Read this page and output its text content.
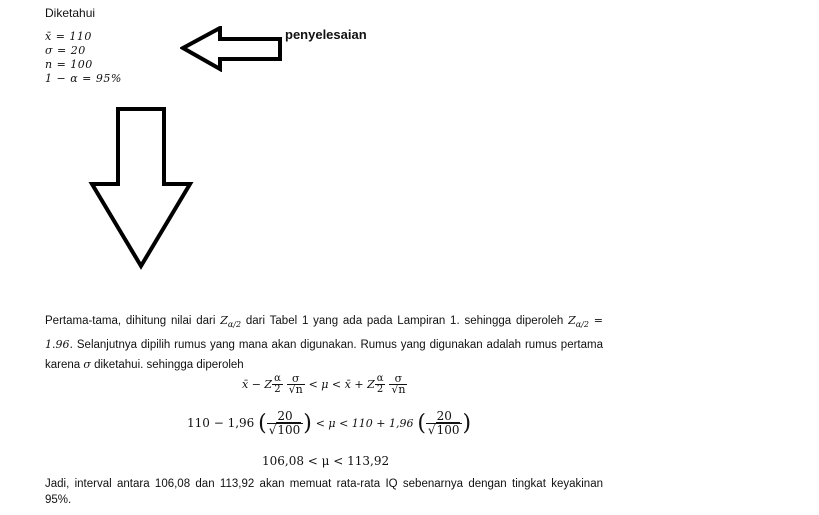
Diketahui
x̄ = 110
σ = 20
n = 100
1 − α = 95%
penyelesaian
Pertama-tama, dihitung nilai dari $Z_{\alpha/2}$ dari Tabel 1 yang ada pada Lampiran 1. sehingga diperoleh $Z_{\alpha/2} = 1.96$. Selanjutnya dipilih rumus yang mana akan digunakan. Rumus yang digunakan adalah rumus pertama karena σ diketahui. sehingga diperoleh
x̄ − Z $\frac{\alpha}{2}$
$\frac{\sigma}{√n} < \mu$ < x̄ + Z $\frac{\alpha}{2}$
$\frac{\sigma}{√n}$
110 − 1,96 ( $\frac{20}{√100}$ ) < μ < 110 + 1,96 ( $\frac{20}{√100}$ )
106,08 < μ < 113,92
Jadi, interval antara 106,08 dan 113,92 akan memuat rata-rata IQ sebenarnya dengan tingkat keyakinan 95%.
